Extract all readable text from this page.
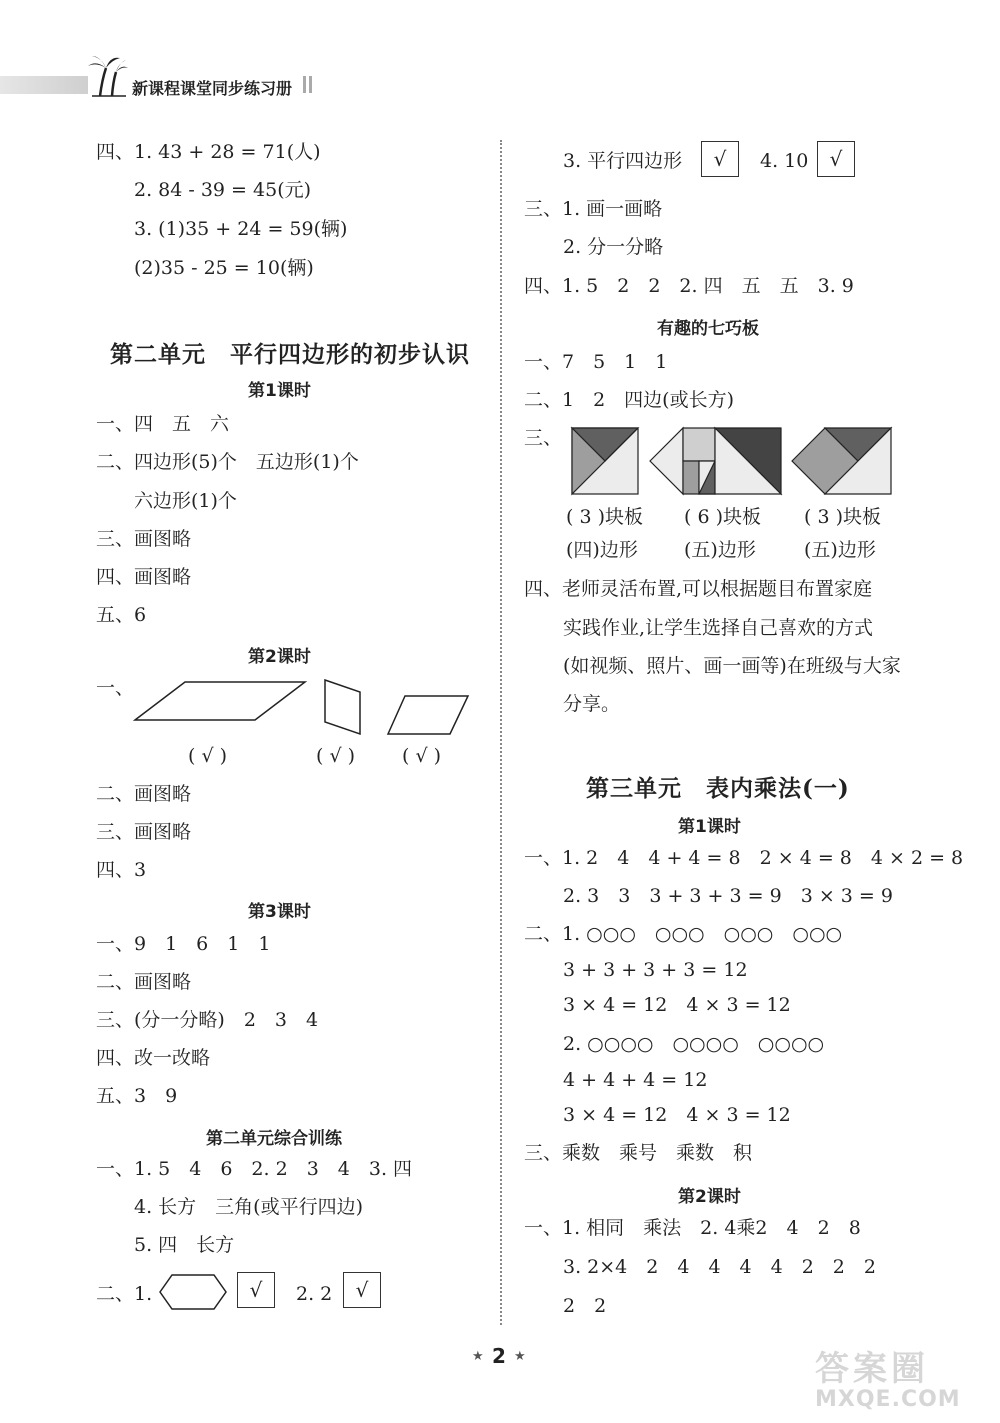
新课程课堂同步练习册
四、1. 43 + 28 = 71(人)
2. 84 - 39 = 45(元)
3. (1)35 + 24 = 59(辆)
(2)35 - 25 = 10(辆)
第二单元　平行四边形的初步认识
第1课时
一、四　五　六
二、四边形(5)个　五边形(1)个
六边形(1)个
三、画图略
四、画图略
五、6
第2课时
一、
( √ )	( √ ) ( √ )
二、画图略
三、画图略
四、3
第3课时
一、9　1　6　1　1
二、画图略
三、(分一分略)　2　3　4
四、改一改略
五、3　9
第二单元综合训练
一、1. 5　4　6　2. 2　3　4　3. 四
4. 长方　三角(或平行四边)
5. 四　长方
二、1.	√	2. 2	√
3. 平行四边形	√	4. 10	√
三、1. 画一画略
2. 分一分略
四、1. 5　2　2　2. 四　五　五　3. 9
有趣的七巧板
一、7　5　1　1
二、1　2　四边(或长方)
三、
( 3 )块板 ( 6 )块板 ( 3 )块板
(四)边形 (五)边形	(五)边形
四、老师灵活布置,可以根据题目布置家庭
实践作业,让学生选择自己喜欢的方式
(如视频、照片、画一画等)在班级与大家
分享。
第三单元　表内乘法(一)
第1课时
一、1. 2　4　4 + 4 = 8　2 × 4 = 8　4 × 2 = 8
2. 3　3　3 + 3 + 3 = 9　3 × 3 = 9
二、1. ○○○　○○○　○○○　○○○
3 + 3 + 3 + 3 = 12
3 × 4 = 12　4 × 3 = 12
2. ○○○○　○○○○　○○○○
4 + 4 + 4 = 12
3 × 4 = 12　4 × 3 = 12
三、乘数　乘号　乘数　积
第2课时
一、1. 相同　乘法　2. 4乘2　4　2　8
3. 2×4　2　4　4　4　4　2　2　2
2　2
★ 2 ★	答案圈
MXQE.COM
